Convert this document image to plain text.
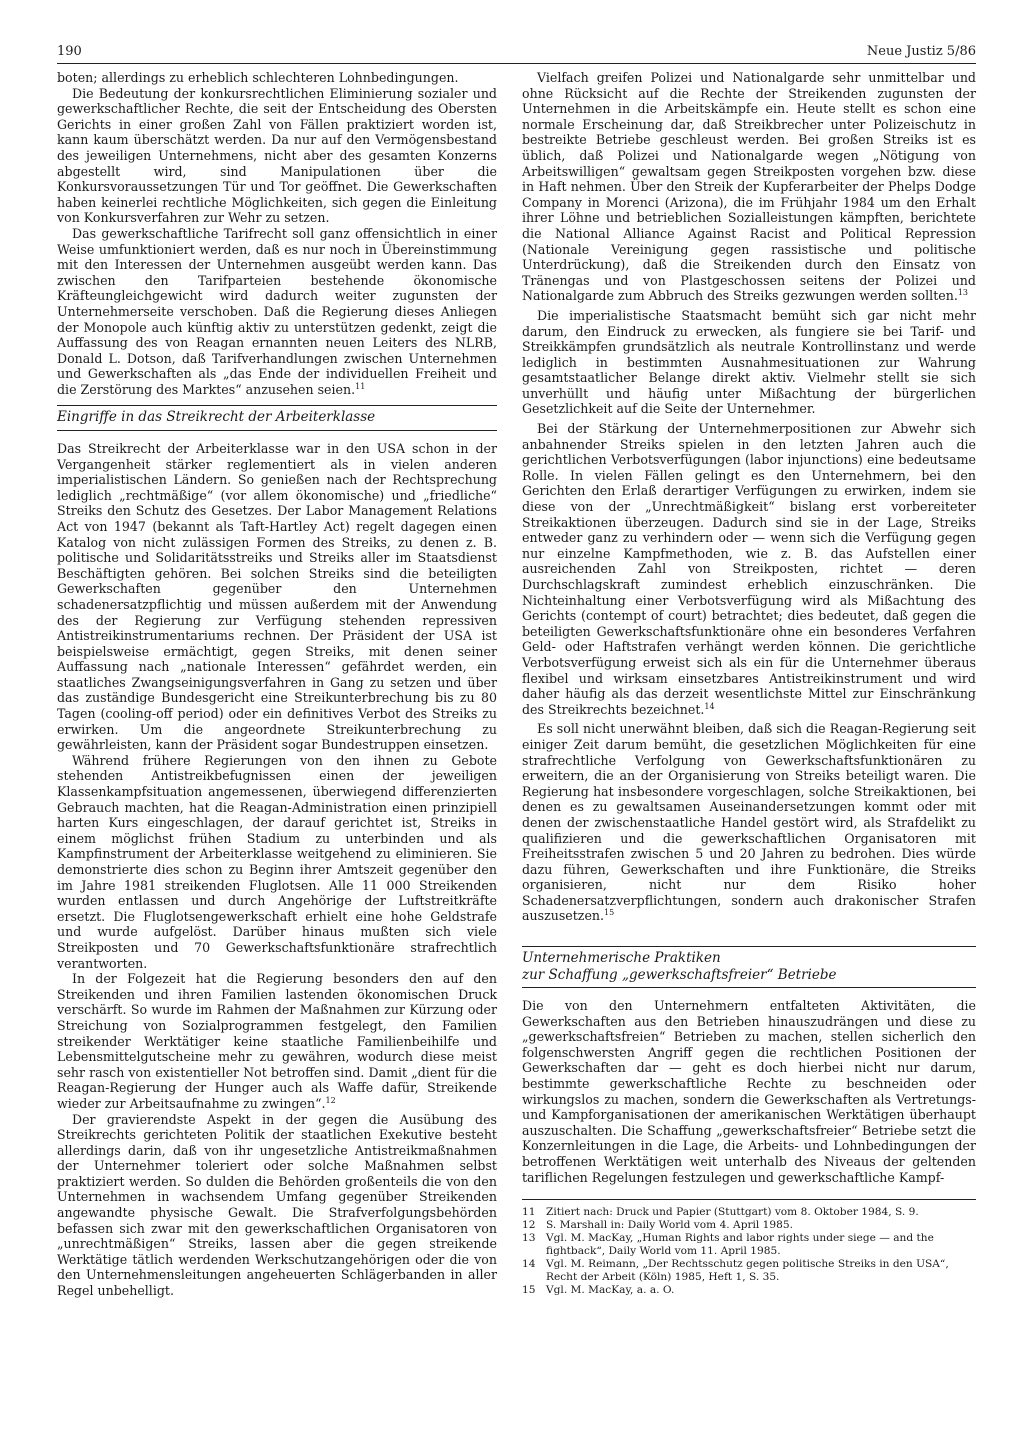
190	Neue Justiz 5/86

boten; allerdings zu erheblich schlechteren Lohnbedingungen.

Die Bedeutung der konkursrechtlichen Eliminierung sozialer und gewerkschaftlicher Rechte, die seit der Entscheidung des Obersten Gerichts in einer großen Zahl von Fällen praktiziert worden ist, kann kaum überschätzt werden. Da nur auf den Vermögensbestand des jeweiligen Unternehmens, nicht aber des gesamten Konzerns abgestellt wird, sind Manipulationen über die Konkursvoraussetzungen Tür und Tor geöffnet. Die Gewerkschaften haben keinerlei rechtliche Möglichkeiten, sich gegen die Einleitung von Konkursverfahren zur Wehr zu setzen.

Das gewerkschaftliche Tarifrecht soll ganz offensichtlich in einer Weise umfunktioniert werden, daß es nur noch in Übereinstimmung mit den Interessen der Unternehmen ausgeübt werden kann. Das zwischen den Tarifparteien bestehende ökonomische Kräfteungleichgewicht wird dadurch weiter zugunsten der Unternehmerseite verschoben. Daß die Regierung dieses Anliegen der Monopole auch künftig aktiv zu unterstützen gedenkt, zeigt die Auffassung des von Reagan ernannten neuen Leiters des NLRB, Donald L. Dotson, daß Tarifverhandlungen zwischen Unternehmen und Gewerkschaften als „das Ende der individuellen Freiheit und die Zerstörung des Marktes“ anzusehen seien.$^{11}$

Eingriffe in das Streikrecht der Arbeiterklasse

Das Streikrecht der Arbeiterklasse war in den USA schon in der Vergangenheit stärker reglementiert als in vielen anderen imperialistischen Ländern. So genießen nach der Rechtsprechung lediglich „rechtmäßige“ (vor allem ökonomische) und „friedliche“ Streiks den Schutz des Gesetzes. Der Labor Management Relations Act von 1947 (bekannt als Taft-Hartley Act) regelt dagegen einen Katalog von nicht zulässigen Formen des Streiks, zu denen z. B. politische und Solidaritätsstreiks und Streiks aller im Staatsdienst Beschäftigten gehören. Bei solchen Streiks sind die beteiligten Gewerkschaften gegenüber den Unternehmen schadenersatzpflichtig und müssen außerdem mit der Anwendung des der Regierung zur Verfügung stehenden repressiven Antistreikinstrumentariums rechnen. Der Präsident der USA ist beispielsweise ermächtigt, gegen Streiks, mit denen seiner Auffassung nach „nationale Interessen“ gefährdet werden, ein staatliches Zwangseinigungsverfahren in Gang zu setzen und über das zuständige Bundesgericht eine Streikunterbrechung bis zu 80 Tagen (cooling-off period) oder ein definitives Verbot des Streiks zu erwirken. Um die angeordnete Streikunterbrechung zu gewährleisten, kann der Präsident sogar Bundestruppen einsetzen.

Während frühere Regierungen von den ihnen zu Gebote stehenden Antistreikbefugnissen einen der jeweiligen Klassenkampfsituation angemessenen, überwiegend differenzierten Gebrauch machten, hat die Reagan-Administration einen prinzipiell harten Kurs eingeschlagen, der darauf gerichtet ist, Streiks in einem möglichst frühen Stadium zu unterbinden und als Kampfinstrument der Arbeiterklasse weitgehend zu eliminieren. Sie demonstrierte dies schon zu Beginn ihrer Amtszeit gegenüber den im Jahre 1981 streikenden Fluglotsen. Alle 11 000 Streikenden wurden entlassen und durch Angehörige der Luftstreitkräfte ersetzt. Die Fluglotsengewerkschaft erhielt eine hohe Geldstrafe und wurde aufgelöst. Darüber hinaus mußten sich viele Streikposten und 70 Gewerkschaftsfunktionäre strafrechtlich verantworten.

In der Folgezeit hat die Regierung besonders den auf den Streikenden und ihren Familien lastenden ökonomischen Druck verschärft. So wurde im Rahmen der Maßnahmen zur Kürzung oder Streichung von Sozialprogrammen festgelegt, den Familien streikender Werktätiger keine staatliche Familienbeihilfe und Lebensmittelgutscheine mehr zu gewähren, wodurch diese meist sehr rasch von existentieller Not betroffen sind. Damit „dient für die Reagan-Regierung der Hunger auch als Waffe dafür, Streikende wieder zur Arbeitsaufnahme zu zwingen“.$^{12}$

Der gravierendste Aspekt in der gegen die Ausübung des Streikrechts gerichteten Politik der staatlichen Exekutive besteht allerdings darin, daß von ihr ungesetzliche Antistreikmaßnahmen der Unternehmer toleriert oder solche Maßnahmen selbst praktiziert werden. So dulden die Behörden großenteils die von den Unternehmen in wachsendem Umfang gegenüber Streikenden angewandte physische Gewalt. Die Strafverfolgungsbehörden befassen sich zwar mit den gewerkschaftlichen Organisatoren von „unrechtmäßigen“ Streiks, lassen aber die gegen streikende Werktätige tätlich werdenden Werkschutzangehörigen oder die von den Unternehmensleitungen angeheuerten Schlägerbanden in aller Regel unbehelligt.

Vielfach greifen Polizei und Nationalgarde sehr unmittelbar und ohne Rücksicht auf die Rechte der Streikenden zugunsten der Unternehmen in die Arbeitskämpfe ein. Heute stellt es schon eine normale Erscheinung dar, daß Streikbrecher unter Polizeischutz in bestreikte Betriebe geschleust werden. Bei großen Streiks ist es üblich, daß Polizei und Nationalgarde wegen „Nötigung von Arbeitswilligen“ gewaltsam gegen Streikposten vorgehen bzw. diese in Haft nehmen. Über den Streik der Kupferarbeiter der Phelps Dodge Company in Morenci (Arizona), die im Frühjahr 1984 um den Erhalt ihrer Löhne und betrieblichen Sozialleistungen kämpften, berichtete die National Alliance Against Racist and Political Repression (Nationale Vereinigung gegen rassistische und politische Unterdrückung), daß die Streikenden durch den Einsatz von Tränengas und von Plastgeschossen seitens der Polizei und Nationalgarde zum Abbruch des Streiks gezwungen werden sollten.$^{13}$

Die imperialistische Staatsmacht bemüht sich gar nicht mehr darum, den Eindruck zu erwecken, als fungiere sie bei Tarif- und Streikkämpfen grundsätzlich als neutrale Kontrollinstanz und werde lediglich in bestimmten Ausnahmesituationen zur Wahrung gesamtstaatlicher Belange direkt aktiv. Vielmehr stellt sie sich unverhüllt und häufig unter Mißachtung der bürgerlichen Gesetzlichkeit auf die Seite der Unternehmer.

Bei der Stärkung der Unternehmerpositionen zur Abwehr sich anbahnender Streiks spielen in den letzten Jahren auch die gerichtlichen Verbotsverfügungen (labor injunctions) eine bedeutsame Rolle. In vielen Fällen gelingt es den Unternehmern, bei den Gerichten den Erlaß derartiger Verfügungen zu erwirken, indem sie diese von der „Unrechtmäßigkeit“ bislang erst vorbereiteter Streikaktionen überzeugen. Dadurch sind sie in der Lage, Streiks entweder ganz zu verhindern oder — wenn sich die Verfügung gegen nur einzelne Kampfmethoden, wie z. B. das Aufstellen einer ausreichenden Zahl von Streikposten, richtet — deren Durchschlagskraft zumindest erheblich einzuschränken. Die Nichteinhaltung einer Verbotsverfügung wird als Mißachtung des Gerichts (contempt of court) betrachtet; dies bedeutet, daß gegen die beteiligten Gewerkschaftsfunktionäre ohne ein besonderes Verfahren Geld- oder Haftstrafen verhängt werden können. Die gerichtliche Verbotsverfügung erweist sich als ein für die Unternehmer überaus flexibel und wirksam einsetzbares Antistreikinstrument und wird daher häufig als das derzeit wesentlichste Mittel zur Einschränkung des Streikrechts bezeichnet.$^{14}$

Es soll nicht unerwähnt bleiben, daß sich die Reagan-Regierung seit einiger Zeit darum bemüht, die gesetzlichen Möglichkeiten für eine strafrechtliche Verfolgung von Gewerkschaftsfunktionären zu erweitern, die an der Organisierung von Streiks beteiligt waren. Die Regierung hat insbesondere vorgeschlagen, solche Streikaktionen, bei denen es zu gewaltsamen Auseinandersetzungen kommt oder mit denen der zwischenstaatliche Handel gestört wird, als Strafdelikt zu qualifizieren und die gewerkschaftlichen Organisatoren mit Freiheitsstrafen zwischen 5 und 20 Jahren zu bedrohen. Dies würde dazu führen, Gewerkschaften und ihre Funktionäre, die Streiks organisieren, nicht nur dem Risiko hoher Schadenersatzverpflichtungen, sondern auch drakonischer Strafen auszusetzen.$^{15}$

Unternehmerische Praktiken
zur Schaffung „gewerkschaftsfreier“ Betriebe

Die von den Unternehmern entfalteten Aktivitäten, die Gewerkschaften aus den Betrieben hinauszudrängen und diese zu „gewerkschaftsfreien“ Betrieben zu machen, stellen sicherlich den folgenschwersten Angriff gegen die rechtlichen Positionen der Gewerkschaften dar — geht es doch hierbei nicht nur darum, bestimmte gewerkschaftliche Rechte zu beschneiden oder wirkungslos zu machen, sondern die Gewerkschaften als Vertretungs- und Kampforganisationen der amerikanischen Werktätigen überhaupt auszuschalten. Die Schaffung „gewerkschaftsfreier“ Betriebe setzt die Konzernleitungen in die Lage, die Arbeits- und Lohnbedingungen der betroffenen Werktätigen weit unterhalb des Niveaus der geltenden tariflichen Regelungen festzulegen und gewerkschaftliche Kampf-

11 Zitiert nach: Druck und Papier (Stuttgart) vom 8. Oktober 1984, S. 9.
12 S. Marshall in: Daily World vom 4. April 1985.
13 Vgl. M. MacKay, „Human Rights and labor rights under siege — and the fightback“, Daily World vom 11. April 1985.
14 Vgl. M. Reimann, „Der Rechtsschutz gegen politische Streiks in den USA“, Recht der Arbeit (Köln) 1985, Heft 1, S. 35.
15 Vgl. M. MacKay, a. a. O.
